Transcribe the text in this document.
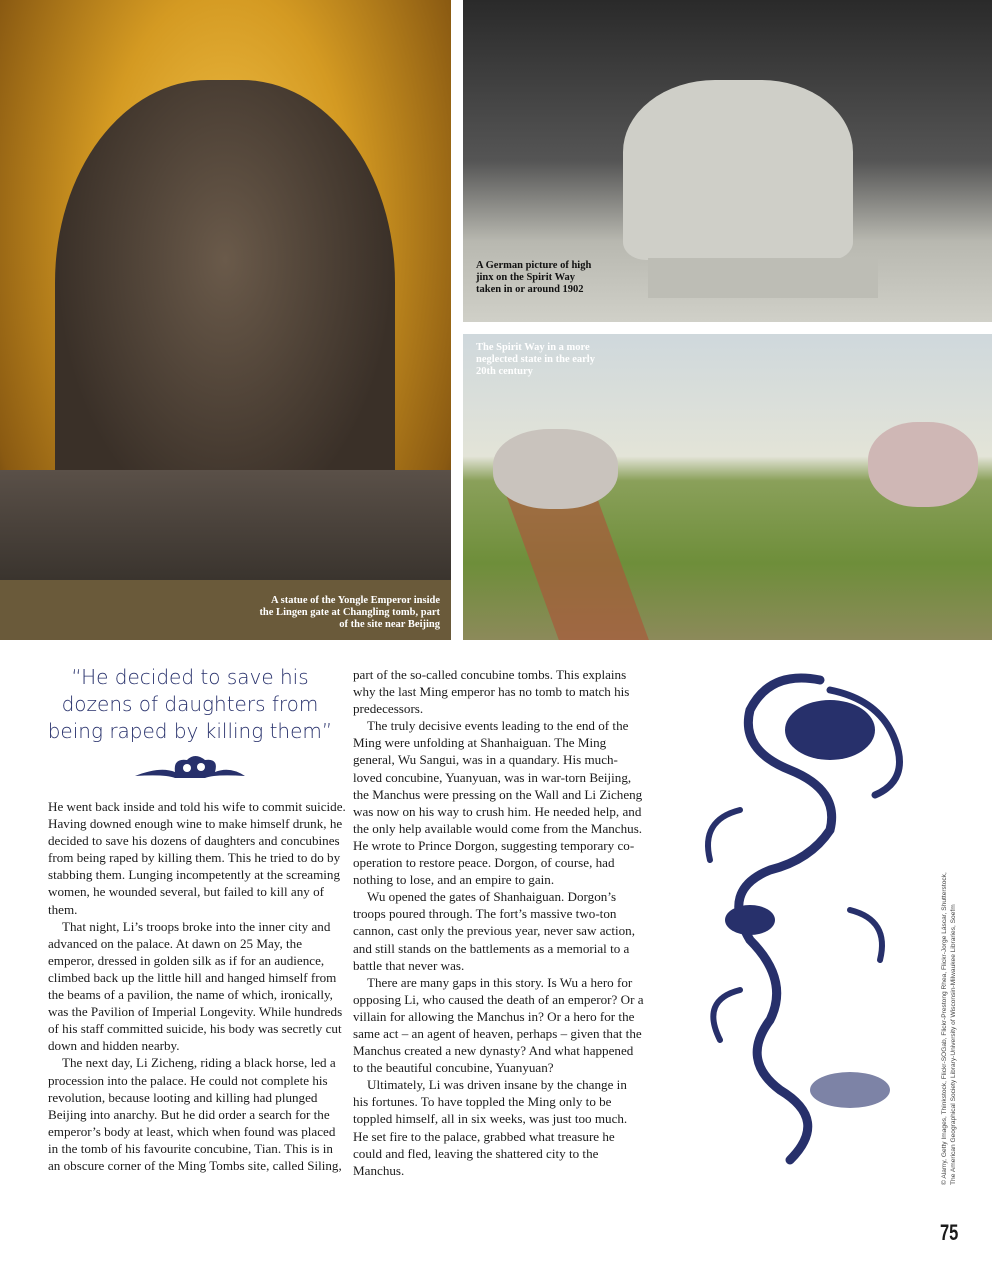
A statue of the Yongle Emperor inside the Lingen gate at Changling tomb, part of the site near Beijing
A German picture of high jinx on the Spirit Way taken in or around 1902
The Spirit Way in a more neglected state in the early 20th century
“He decided to save his dozens of daughters from being raped by killing them”

He went back inside and told his wife to commit suicide. Having downed enough wine to make himself drunk, he decided to save his dozens of daughters and concubines from being raped by killing them. This he tried to do by stabbing them. Lunging incompetently at the screaming women, he wounded several, but failed to kill any of them.

That night, Li’s troops broke into the inner city and advanced on the palace. At dawn on 25 May, the emperor, dressed in golden silk as if for an audience, climbed back up the little hill and hanged himself from the beams of a pavilion, the name of which, ironically, was the Pavilion of Imperial Longevity. While hundreds of his staff committed suicide, his body was secretly cut down and hidden nearby.

The next day, Li Zicheng, riding a black horse, led a procession into the palace. He could not complete his revolution, because looting and killing had plunged Beijing into anarchy. But he did order a search for the emperor’s body at least, which when found was placed in the tomb of his favourite concubine, Tian. This is in an obscure corner of the Ming Tombs site, called Siling,

part of the so-called concubine tombs. This explains why the last Ming emperor has no tomb to match his predecessors.

The truly decisive events leading to the end of the Ming were unfolding at Shanhaiguan. The Ming general, Wu Sangui, was in a quandary. His much-loved concubine, Yuanyuan, was in war-torn Beijing, the Manchus were pressing on the Wall and Li Zicheng was now on his way to crush him. He needed help, and the only help available would come from the Manchus. He wrote to Prince Dorgon, suggesting temporary co-operation to restore peace. Dorgon, of course, had nothing to lose, and an empire to gain.

Wu opened the gates of Shanhaiguan. Dorgon’s troops poured through. The fort’s massive two-ton cannon, cast only the previous year, never saw action, and still stands on the battlements as a memorial to a battle that never was.

There are many gaps in this story. Is Wu a hero for opposing Li, who caused the death of an emperor? Or a villain for allowing the Manchus in? Or a hero for the same act – an agent of heaven, perhaps – given that the Manchus created a new dynasty? And what happened to the beautiful concubine, Yuanyuan?

Ultimately, Li was driven insane by the change in his fortunes. To have toppled the Ming only to be toppled himself, all in six weeks, was just too much. He set fire to the palace, grabbed what treasure he could and fled, leaving the shattered city to the Manchus.	© Alamy, Getty Images, Thinkstock, Flickr-SOGab, Flickr-Prestong Rhea, Flickr-Jorge Láscar, Shutterstock, The American Geographical Society Library-University of Wisconsin-Milwaukee Libraries, Soefm
75
